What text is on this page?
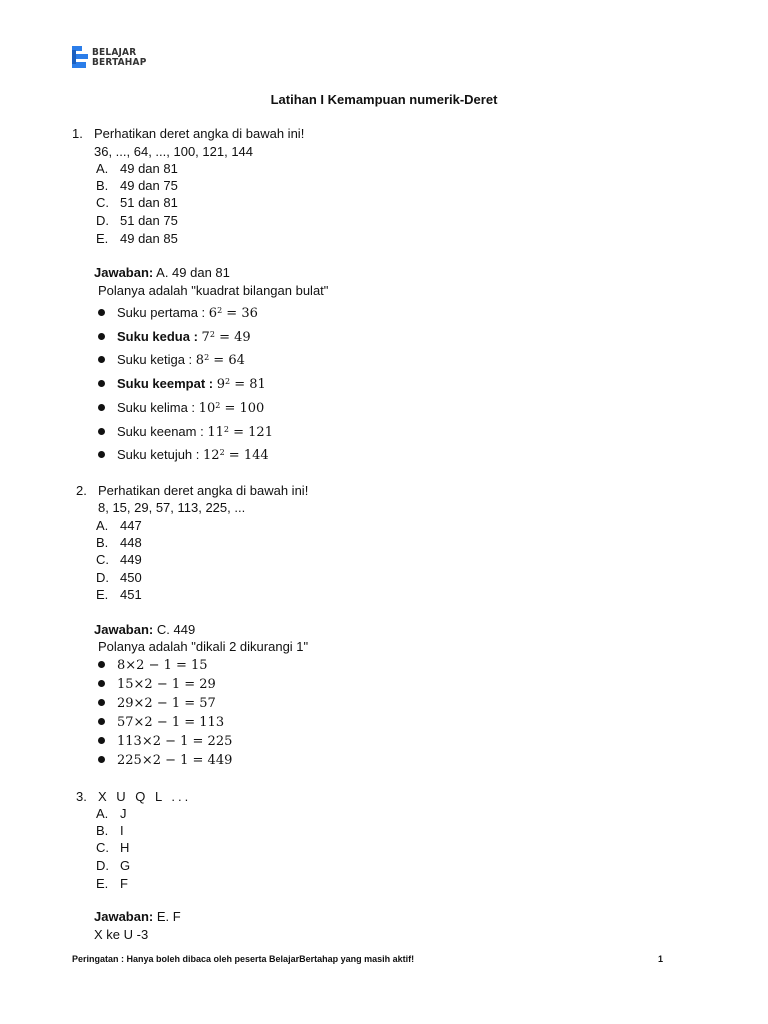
BELAJAR
BERTAHAP
Latihan I Kemampuan numerik-Deret
1. Perhatikan deret angka di bawah ini!
36, ..., 64, ..., 100, 121, 144
A. 49 dan 81
B. 49 dan 75
C. 51 dan 81
D. 51 dan 75
E. 49 dan 85
Jawaban: A. 49 dan 81
Polanya adalah "kuadrat bilangan bulat"
Suku pertama : $6^2 = 36$
Suku kedua : $7^2 = 49$
Suku ketiga : $8^2 = 64$
Suku keempat : $9^2 = 81$
Suku kelima : $10^2 = 100$
Suku keenam : $11^2 = 121$
Suku ketujuh : $12^2 = 144$
2. Perhatikan deret angka di bawah ini!
8, 15, 29, 57, 113, 225, ...
A. 447
B. 448
C. 449
D. 450
E. 451
Jawaban: C. 449
Polanya adalah "dikali 2 dikurangi 1"
8×2 − 1 = 15
15×2 − 1 = 29
29×2 − 1 = 57
57×2 − 1 = 113
113×2 − 1 = 225
225×2 − 1 = 449
3. X U Q L ...
A. J
B. I
C. H
D. G
E. F
Jawaban: E. F
X ke U -3
Peringatan : Hanya boleh dibaca oleh peserta BelajarBertahap yang masih aktif!	1
